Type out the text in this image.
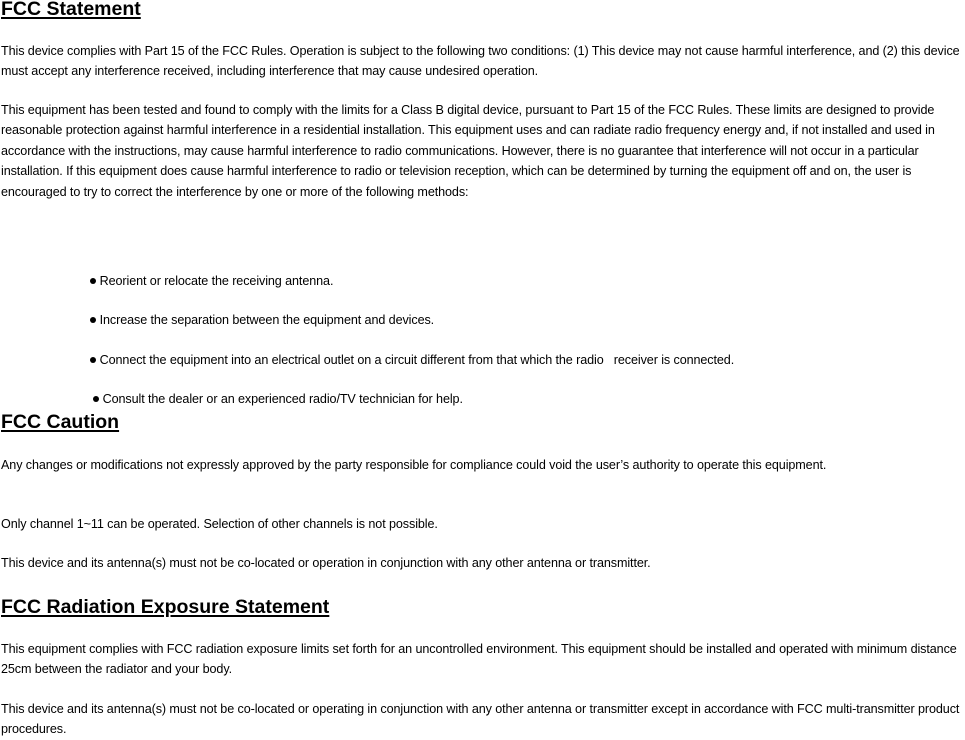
FCC Statement

This device complies with Part 15 of the FCC Rules. Operation is subject to the following two conditions: (1) This device may not cause harmful interference, and (2) this device must accept any interference received, including interference that may cause undesired operation.

This equipment has been tested and found to comply with the limits for a Class B digital device, pursuant to Part 15 of the FCC Rules. These limits are designed to provide reasonable protection against harmful interference in a residential installation. This equipment uses and can radiate radio frequency energy and, if not installed and used in accordance with the instructions, may cause harmful interference to radio communications. However, there is no guarantee that interference will not occur in a particular installation. If this equipment does cause harmful interference to radio or television reception, which can be determined by turning the equipment off and on, the user is encouraged to try to correct the interference by one or more of the following methods:

Reorient or relocate the receiving antenna.

Increase the separation between the equipment and devices.

Connect the equipment into an electrical outlet on a circuit different from that which the radio   receiver is connected.

Consult the dealer or an experienced radio/TV technician for help.

FCC Caution

Any changes or modifications not expressly approved by the party responsible for compliance could void the user’s authority to operate this equipment.

Only channel 1~11 can be operated. Selection of other channels is not possible.

This device and its antenna(s) must not be co-located or operation in conjunction with any other antenna or transmitter.

FCC Radiation Exposure Statement

This equipment complies with FCC radiation exposure limits set forth for an uncontrolled environment. This equipment should be installed and operated with minimum distance 25cm between the radiator and your body.

This device and its antenna(s) must not be co-located or operating in conjunction with any other antenna or transmitter except in accordance with FCC multi-transmitter product procedures.
